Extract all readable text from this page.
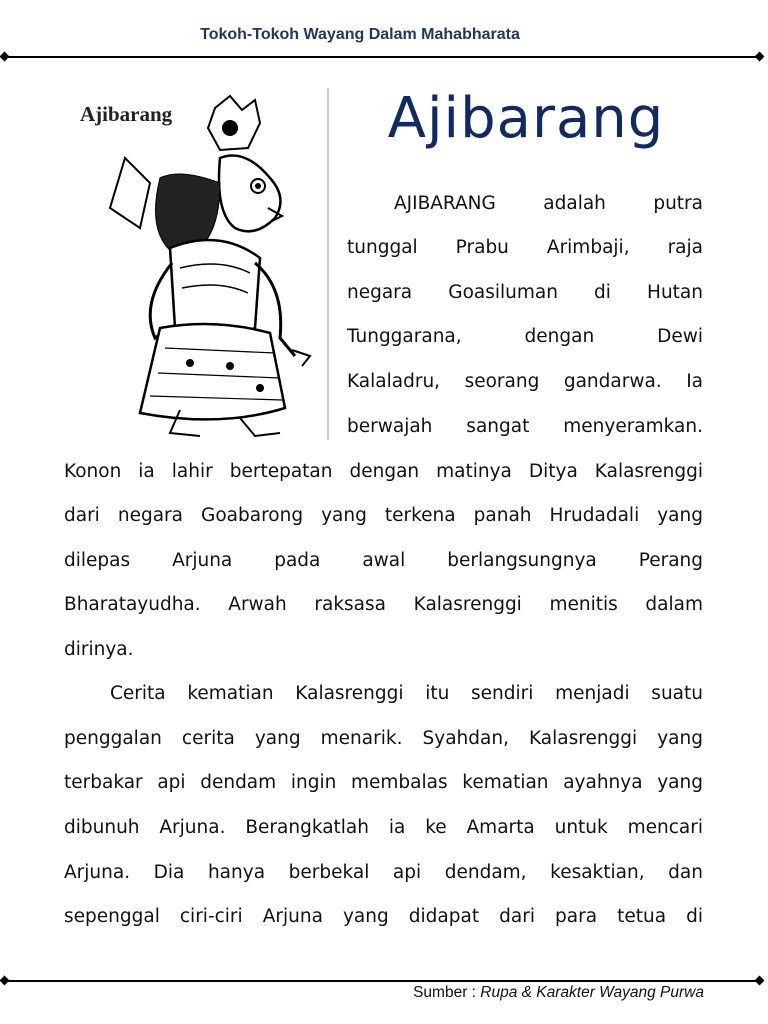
Tokoh-Tokoh Wayang Dalam Mahabharata
Ajibarang	Ajibarang
AJIBARANG adalah putra
tunggal Prabu Arimbaji, raja
negara Goasiluman di Hutan
Tunggarana, dengan Dewi
Kalaladru, seorang gandarwa. Ia
berwajah sangat menyeramkan.
Konon ia lahir bertepatan dengan matinya Ditya Kalasrenggi
dari negara Goabarong yang terkena panah Hrudadali yang
dilepas Arjuna pada awal berlangsungnya Perang
Bharatayudha. Arwah raksasa Kalasrenggi menitis dalam
dirinya.
Cerita kematian Kalasrenggi itu sendiri menjadi suatu
penggalan cerita yang menarik. Syahdan, Kalasrenggi yang
terbakar api dendam ingin membalas kematian ayahnya yang
dibunuh Arjuna. Berangkatlah ia ke Amarta untuk mencari
Arjuna. Dia hanya berbekal api dendam, kesaktian, dan
sepenggal ciri-ciri Arjuna yang didapat dari para tetua di
Sumber : Rupa & Karakter Wayang Purwa
